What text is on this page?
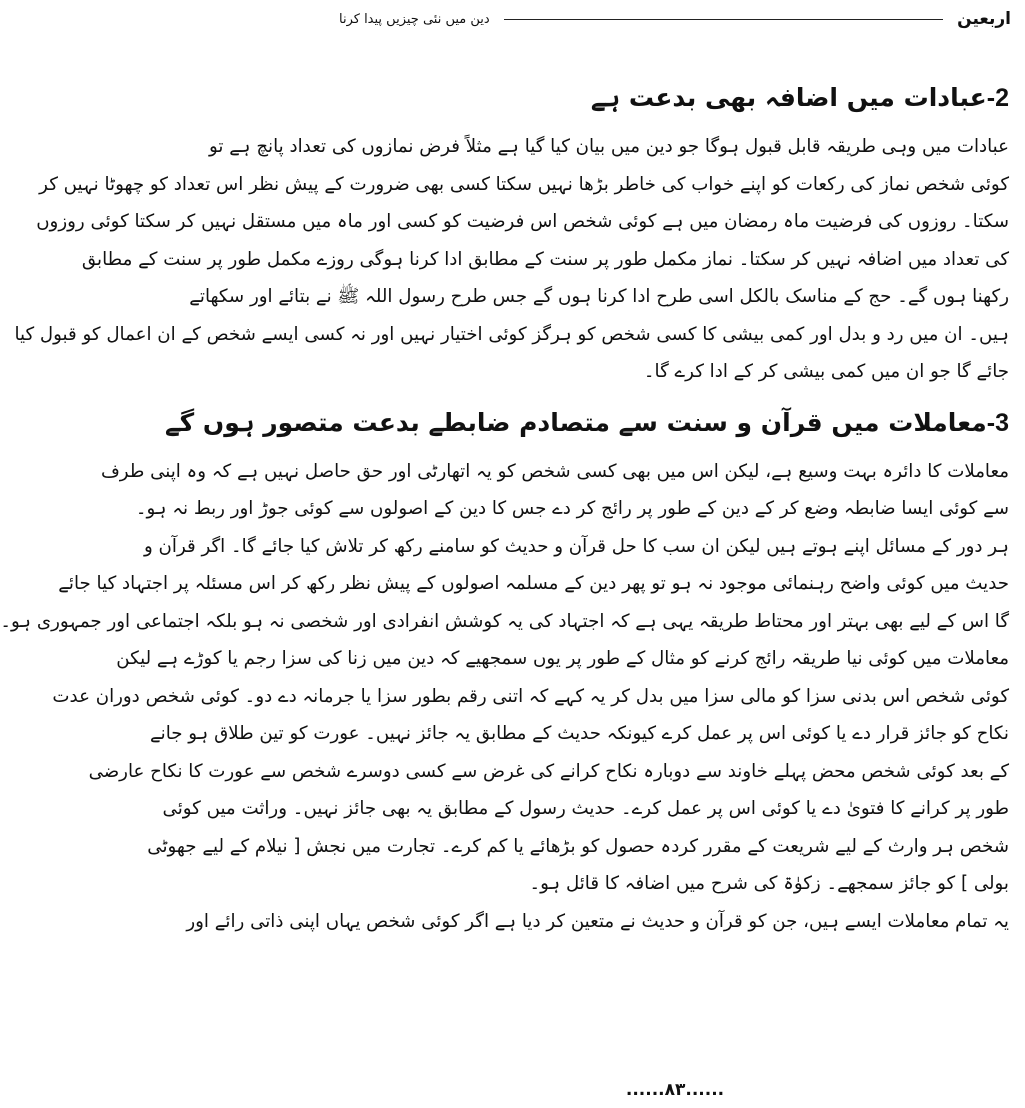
اربعین
دین میں نئی چیزیں پیدا کرنا
2-عبادات میں اضافہ بھی بدعت ہے

عبادات میں وہی طریقہ قابل قبول ہوگا جو دین میں بیان کیا گیا ہے مثلاً فرض نمازوں کی تعداد پانچ ہے تو
کوئی شخص نماز کی رکعات کو اپنے خواب کی خاطر بڑھا نہیں سکتا کسی بھی ضرورت کے پیش نظر اس تعداد کو چھوٹا نہیں کر
سکتا۔ روزوں کی فرضیت ماہ رمضان میں ہے کوئی شخص اس فرضیت کو کسی اور ماہ میں مستقل نہیں کر سکتا کوئی روزوں
کی تعداد میں اضافہ نہیں کر سکتا۔ نماز مکمل طور پر سنت کے مطابق ادا کرنا ہوگی روزے مکمل طور پر سنت کے مطابق
رکھنا ہوں گے۔ حج کے مناسک بالکل اسی طرح ادا کرنا ہوں گے جس طرح رسول اللہ ﷺ نے بتائے اور سکھاتے
ہیں۔ ان میں رد و بدل اور کمی بیشی کا کسی شخص کو ہرگز کوئی اختیار نہیں اور نہ کسی ایسے شخص کے ان اعمال کو قبول کیا
جائے گا جو ان میں کمی بیشی کر کے ادا کرے گا۔

3-معاملات میں قرآن و سنت سے متصادم ضابطے بدعت متصور ہوں گے

معاملات کا دائرہ بہت وسیع ہے، لیکن اس میں بھی کسی شخص کو یہ اتھارٹی اور حق حاصل نہیں ہے کہ وہ اپنی طرف
سے کوئی ایسا ضابطہ وضع کر کے دین کے طور پر رائج کر دے جس کا دین کے اصولوں سے کوئی جوڑ اور ربط نہ ہو۔
ہر دور کے مسائل اپنے ہوتے ہیں لیکن ان سب کا حل قرآن و حدیث کو سامنے رکھ کر تلاش کیا جائے گا۔ اگر قرآن و
حدیث میں کوئی واضح رہنمائی موجود نہ ہو تو پھر دین کے مسلمہ اصولوں کے پیش نظر رکھ کر اس مسئلہ پر اجتہاد کیا جائے
گا اس کے لیے بھی بہتر اور محتاط طریقہ یہی ہے کہ اجتہاد کی یہ کوشش انفرادی اور شخصی نہ ہو بلکہ اجتماعی اور جمہوری ہو۔
معاملات میں کوئی نیا طریقہ رائج کرنے کو مثال کے طور پر یوں سمجھیے کہ دین میں زنا کی سزا رجم یا کوڑے ہے لیکن
کوئی شخص اس بدنی سزا کو مالی سزا میں بدل کر یہ کہے کہ اتنی رقم بطور سزا یا جرمانہ دے دو۔ کوئی شخص دوران عدت
نکاح کو جائز قرار دے یا کوئی اس پر عمل کرے کیونکہ حدیث کے مطابق یہ جائز نہیں۔ عورت کو تین طلاق ہو جانے
کے بعد کوئی شخص محض پہلے خاوند سے دوبارہ نکاح کرانے کی غرض سے کسی دوسرے شخص سے عورت کا نکاح عارضی
طور پر کرانے کا فتویٰ دے یا کوئی اس پر عمل کرے۔ حدیث رسول کے مطابق یہ بھی جائز نہیں۔ وراثت میں کوئی
شخص ہر وارث کے لیے شریعت کے مقرر کردہ حصول کو بڑھائے یا کم کرے۔ تجارت میں نجش [ نیلام کے لیے جھوٹی
بولی ] کو جائز سمجھے۔ زکوٰۃ کی شرح میں اضافہ کا قائل ہو۔
یہ تمام معاملات ایسے ہیں، جن کو قرآن و حدیث نے متعین کر دیا ہے اگر کوئی شخص یہاں اپنی ذاتی رائے اور

......۸۳......
